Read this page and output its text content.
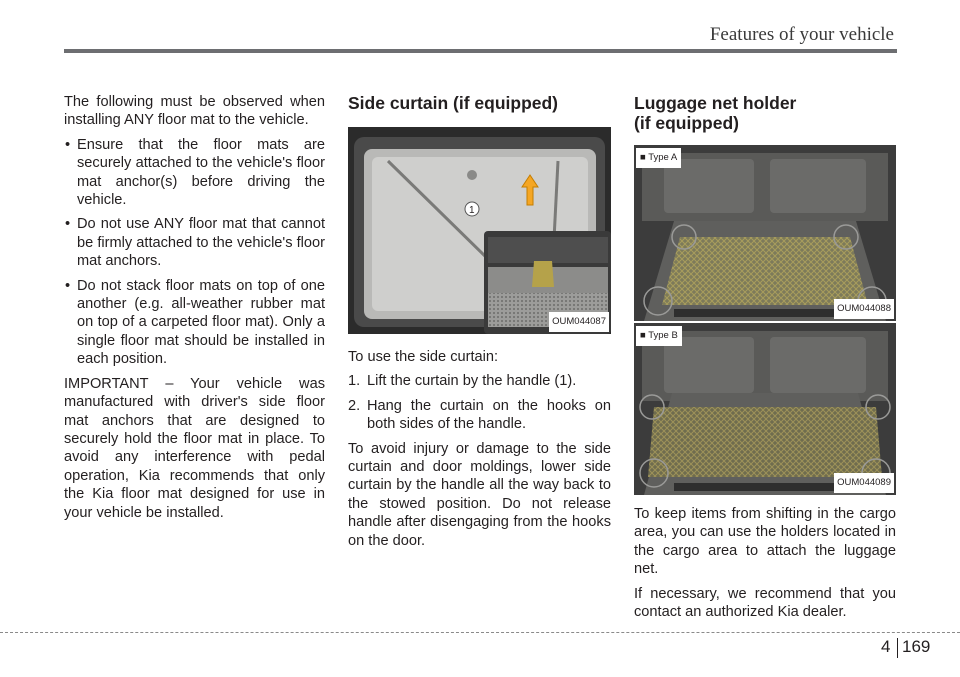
Features of your vehicle

The following must be observed when installing ANY floor mat to the vehicle.

• Ensure that the floor mats are securely attached to the vehicle's floor mat anchor(s) before driving the vehicle.
• Do not use ANY floor mat that cannot be firmly attached to the vehicle's floor mat anchors.
• Do not stack floor mats on top of one another (e.g. all-weather rubber mat on top of a carpeted floor mat). Only a single floor mat should be installed in each position.

IMPORTANT – Your vehicle was manufactured with driver's side floor mat anchors that are designed to securely hold the floor mat in place. To avoid any interference with pedal operation, Kia recommends that only the Kia floor mat designed for use in your vehicle be installed.

Side curtain (if equipped)
1
OUM044087

To use the side curtain:

1. Lift the curtain by the handle (1).
2. Hang the curtain on the hooks on both sides of the handle.

To avoid injury or damage to the side curtain and door moldings, lower side curtain by the handle all the way back to the stowed position. Do not release handle after disengaging from the hooks on the door.

Luggage net holder
(if equipped)
■ Type A
OUM044088
■ Type B
OUM044089

To keep items from shifting in the cargo area, you can use the holders located in the cargo area to attach the luggage net.

If necessary, we recommend that you contact an authorized Kia dealer.

4 169
